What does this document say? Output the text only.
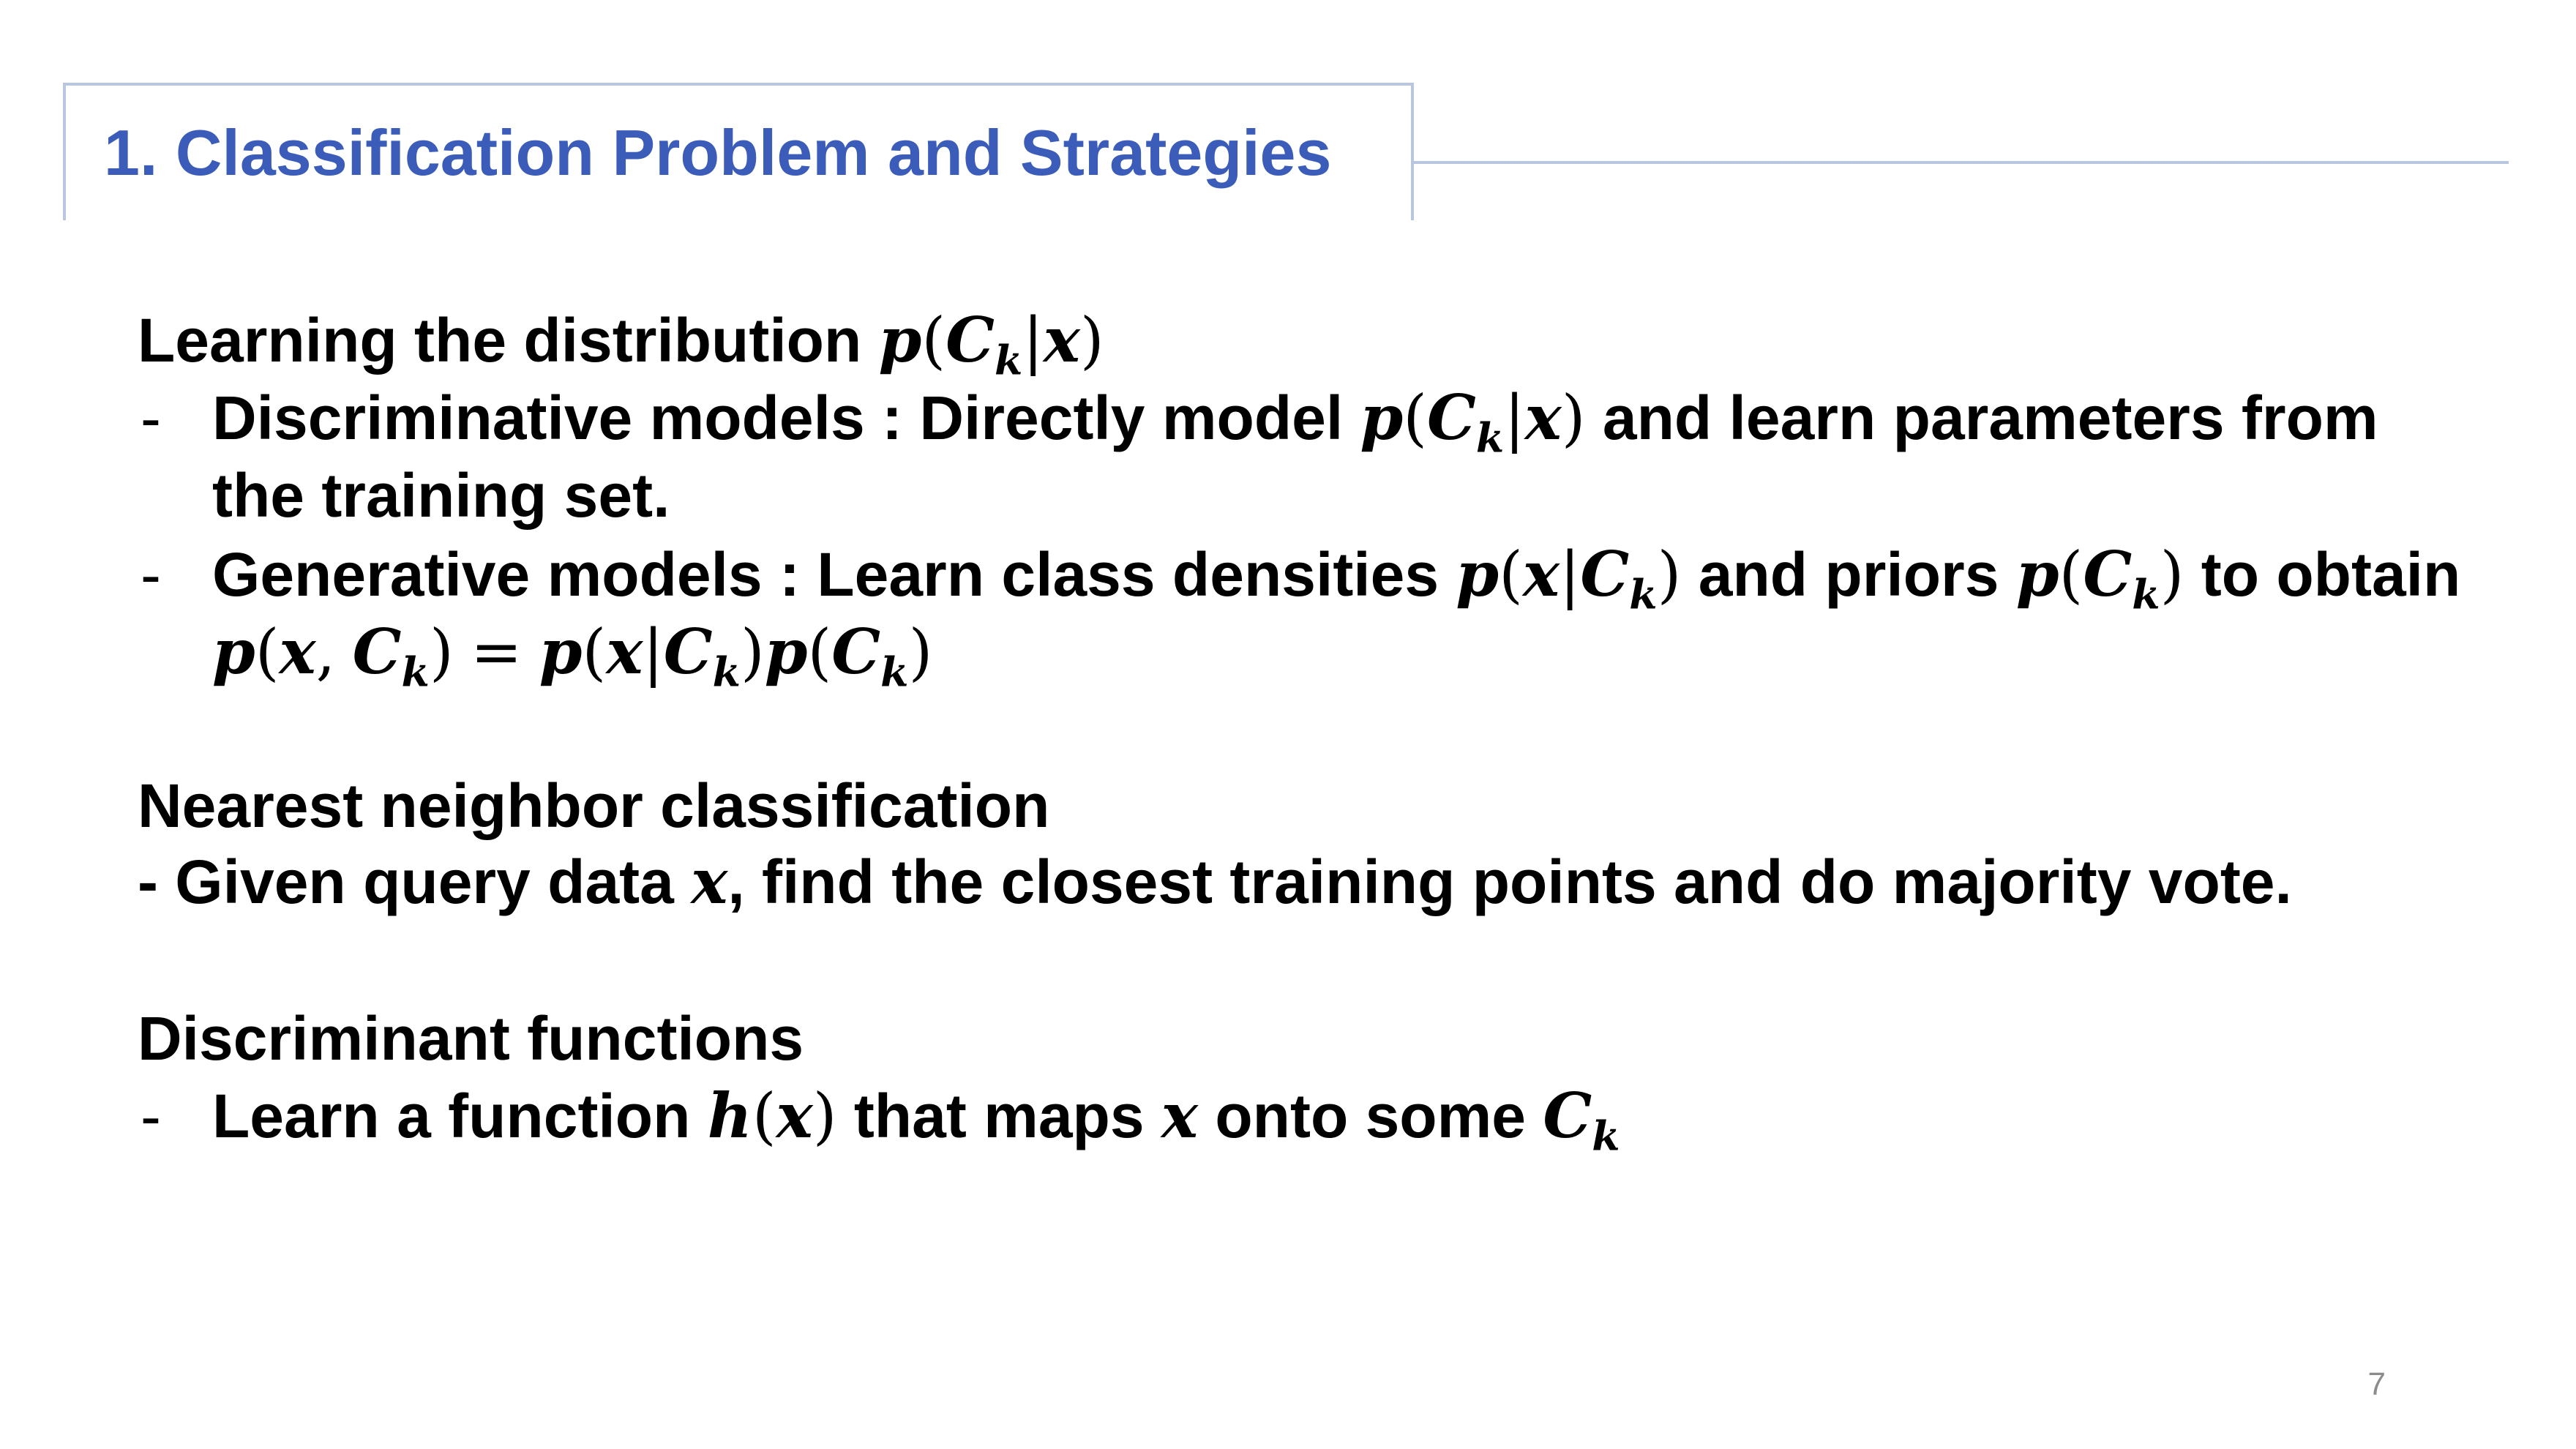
1. Classification Problem and Strategies
Learning the distribution $p(C_k|x)$
- Discriminative models : Directly model $p(C_k|x)$ and learn parameters from
the training set.
- Generative models : Learn class densities $p(x|C_k)$ and priors $p(C_k)$ to obtain
p(x, $C_k) = p(x|C_k)p(C_k)$
Nearest neighbor classification
- Given query data x, find the closest training points and do majority vote.
Discriminant functions
- Learn a function h(x) that maps x onto some $C_k$
7
